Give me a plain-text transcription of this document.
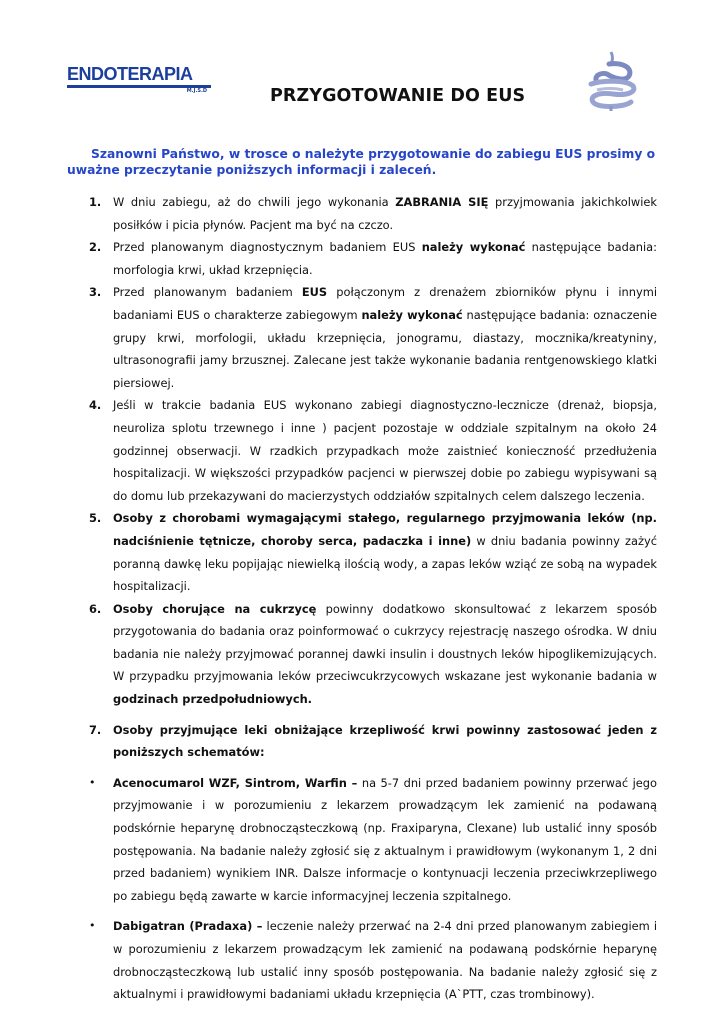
ENDOTERAPIA
M.J.S.D	PRZYGOTOWANIE DO EUS
Szanowni Państwo, w trosce o należyte przygotowanie do zabiegu EUS prosimy o
uważne przeczytanie poniższych informacji i zaleceń.
1. W dniu zabiegu, aż do chwili jego wykonania ZABRANIA SIĘ przyjmowania jakichkolwiek posiłków i picia płynów. Pacjent ma być na czczo.
2. Przed planowanym diagnostycznym badaniem EUS należy wykonać następujące badania: morfologia krwi, układ krzepnięcia.
3. Przed planowanym badaniem EUS połączonym z drenażem zbiorników płynu i innymi badaniami EUS o charakterze zabiegowym należy wykonać następujące badania: oznaczenie grupy krwi, morfologii, układu krzepnięcia, jonogramu, diastazy, mocznika/kreatyniny, ultrasonografii jamy brzusznej. Zalecane jest także wykonanie badania rentgenowskiego klatki piersiowej.
4. Jeśli w trakcie badania EUS wykonano zabiegi diagnostyczno-lecznicze (drenaż, biopsja, neuroliza splotu trzewnego i inne ) pacjent pozostaje w oddziale szpitalnym na około 24 godzinnej obserwacji. W rzadkich przypadkach może zaistnieć konieczność przedłużenia hospitalizacji. W większości przypadków pacjenci w pierwszej dobie po zabiegu wypisywani są do domu lub przekazywani do macierzystych oddziałów szpitalnych celem dalszego leczenia.
5. Osoby z chorobami wymagającymi stałego, regularnego przyjmowania leków (np. nadciśnienie tętnicze, choroby serca, padaczka i inne) w dniu badania powinny zażyć poranną dawkę leku popijając niewielką ilością wody, a zapas leków wziąć ze sobą na wypadek hospitalizacji.
6. Osoby chorujące na cukrzycę powinny dodatkowo skonsultować z lekarzem sposób przygotowania do badania oraz poinformować o cukrzycy rejestrację naszego ośrodka. W dniu badania nie należy przyjmować porannej dawki insulin i doustnych leków hipoglikemizujących. W przypadku przyjmowania leków przeciwcukrzycowych wskazane jest wykonanie badania w godzinach przedpołudniowych.
7. Osoby przyjmujące leki obniżające krzepliwość krwi powinny zastosować jeden z poniższych schematów:
• Acenocumarol WZF, Sintrom, Warfin – na 5-7 dni przed badaniem powinny przerwać jego przyjmowanie i w porozumieniu z lekarzem prowadzącym lek zamienić na podawaną podskórnie heparynę drobnocząsteczkową (np. Fraxiparyna, Clexane) lub ustalić inny sposób postępowania. Na badanie należy zgłosić się z aktualnym i prawidłowym (wykonanym 1, 2 dni przed badaniem) wynikiem INR. Dalsze informacje o kontynuacji leczenia przeciwkrzepliwego po zabiegu będą zawarte w karcie informacyjnej leczenia szpitalnego.
• Dabigatran (Pradaxa) – leczenie należy przerwać na 2-4 dni przed planowanym zabiegiem i w porozumieniu z lekarzem prowadzącym lek zamienić na podawaną podskórnie heparynę drobnocząsteczkową lub ustalić inny sposób postępowania. Na badanie należy zgłosić się z aktualnymi i prawidłowymi badaniami układu krzepnięcia (A`PTT, czas trombinowy).
